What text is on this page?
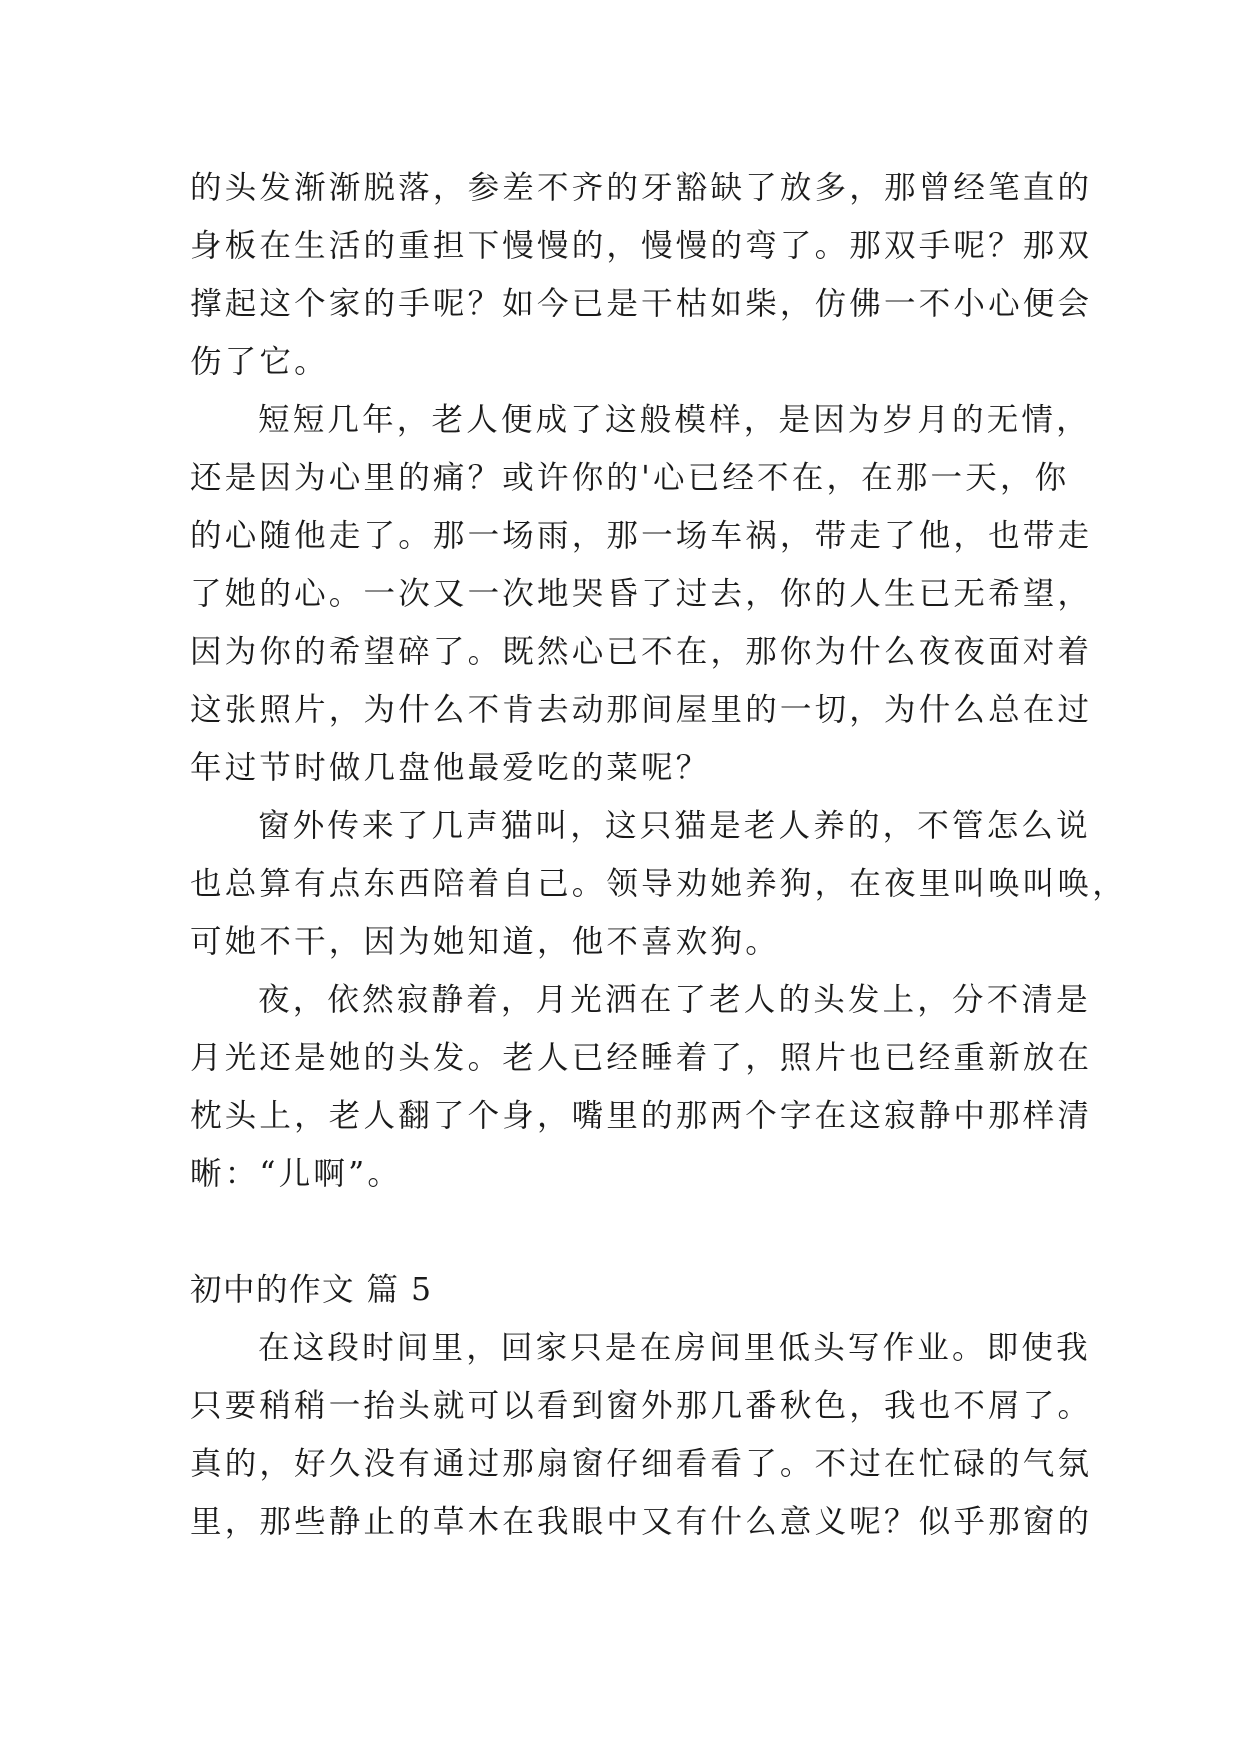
的头发渐渐脱落，参差不齐的牙豁缺了放多，那曾经笔直的
身板在生活的重担下慢慢的，慢慢的弯了。那双手呢？那双
撑起这个家的手呢？如今已是干枯如柴，仿佛一不小心便会
伤了它。
短短几年，老人便成了这般模样，是因为岁月的无情，
还是因为心里的痛？或许你的'心已经不在，在那一天，你
的心随他走了。那一场雨，那一场车祸，带走了他，也带走
了她的心。一次又一次地哭昏了过去，你的人生已无希望，
因为你的希望碎了。既然心已不在，那你为什么夜夜面对着
这张照片，为什么不肯去动那间屋里的一切，为什么总在过
年过节时做几盘他最爱吃的菜呢？
窗外传来了几声猫叫，这只猫是老人养的，不管怎么说
也总算有点东西陪着自己。领导劝她养狗，在夜里叫唤叫唤，
可她不干，因为她知道，他不喜欢狗。
夜，依然寂静着，月光洒在了老人的头发上，分不清是
月光还是她的头发。老人已经睡着了，照片也已经重新放在
枕头上，老人翻了个身，嘴里的那两个字在这寂静中那样清
晰：“儿啊”。
初中的作文 篇 5
在这段时间里，回家只是在房间里低头写作业。即使我
只要稍稍一抬头就可以看到窗外那几番秋色，我也不屑了。
真的，好久没有通过那扇窗仔细看看了。不过在忙碌的气氛
里，那些静止的草木在我眼中又有什么意义呢？似乎那窗的
